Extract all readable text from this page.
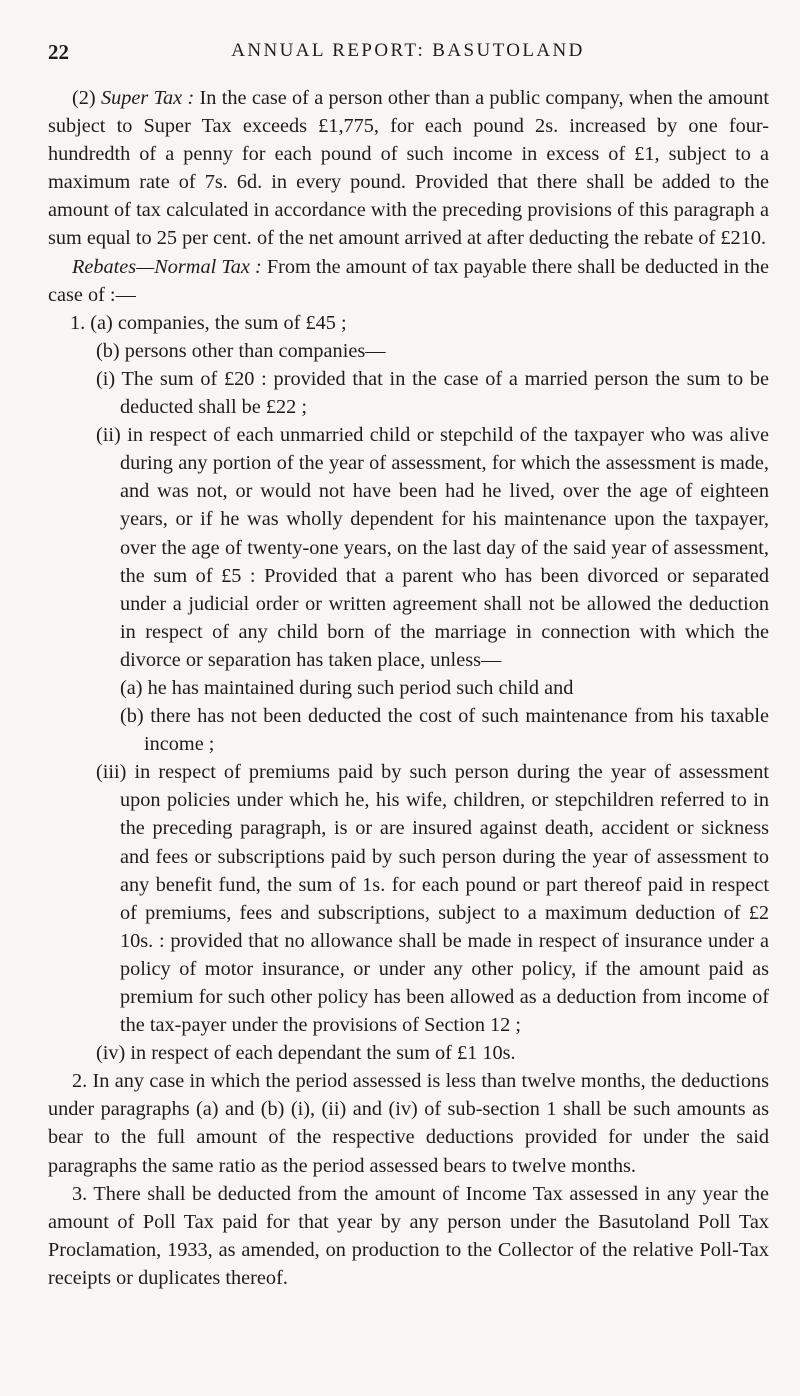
22	ANNUAL REPORT: BASUTOLAND

(2) Super Tax : In the case of a person other than a public company, when the amount subject to Super Tax exceeds £1,775, for each pound 2s. increased by one four-hundredth of a penny for each pound of such income in excess of £1, subject to a maximum rate of 7s. 6d. in every pound. Provided that there shall be added to the amount of tax calculated in accordance with the preceding provisions of this paragraph a sum equal to 25 per cent. of the net amount arrived at after deducting the rebate of £210.

Rebates—Normal Tax : From the amount of tax payable there shall be deducted in the case of :—

1. (a) companies, the sum of £45 ;

(b) persons other than companies—

(i) The sum of £20 : provided that in the case of a married person the sum to be deducted shall be £22 ;

(ii) in respect of each unmarried child or stepchild of the taxpayer who was alive during any portion of the year of assessment, for which the assessment is made, and was not, or would not have been had he lived, over the age of eighteen years, or if he was wholly dependent for his maintenance upon the taxpayer, over the age of twenty-one years, on the last day of the said year of assessment, the sum of £5 : Provided that a parent who has been divorced or separated under a judicial order or written agreement shall not be allowed the deduction in respect of any child born of the marriage in connection with which the divorce or separation has taken place, unless—

(a) he has maintained during such period such child and

(b) there has not been deducted the cost of such maintenance from his taxable income ;

(iii) in respect of premiums paid by such person during the year of assessment upon policies under which he, his wife, children, or stepchildren referred to in the preceding paragraph, is or are insured against death, accident or sickness and fees or subscriptions paid by such person during the year of assessment to any benefit fund, the sum of 1s. for each pound or part thereof paid in respect of premiums, fees and subscriptions, subject to a maximum deduction of £2 10s. : provided that no allowance shall be made in respect of insurance under a policy of motor insurance, or under any other policy, if the amount paid as premium for such other policy has been allowed as a deduction from income of the tax-payer under the provisions of Section 12 ;

(iv) in respect of each dependant the sum of £1 10s.

2. In any case in which the period assessed is less than twelve months, the deductions under paragraphs (a) and (b) (i), (ii) and (iv) of sub-section 1 shall be such amounts as bear to the full amount of the respective deductions provided for under the said paragraphs the same ratio as the period assessed bears to twelve months.

3. There shall be deducted from the amount of Income Tax assessed in any year the amount of Poll Tax paid for that year by any person under the Basutoland Poll Tax Proclamation, 1933, as amended, on production to the Collector of the relative Poll-Tax receipts or duplicates thereof.
